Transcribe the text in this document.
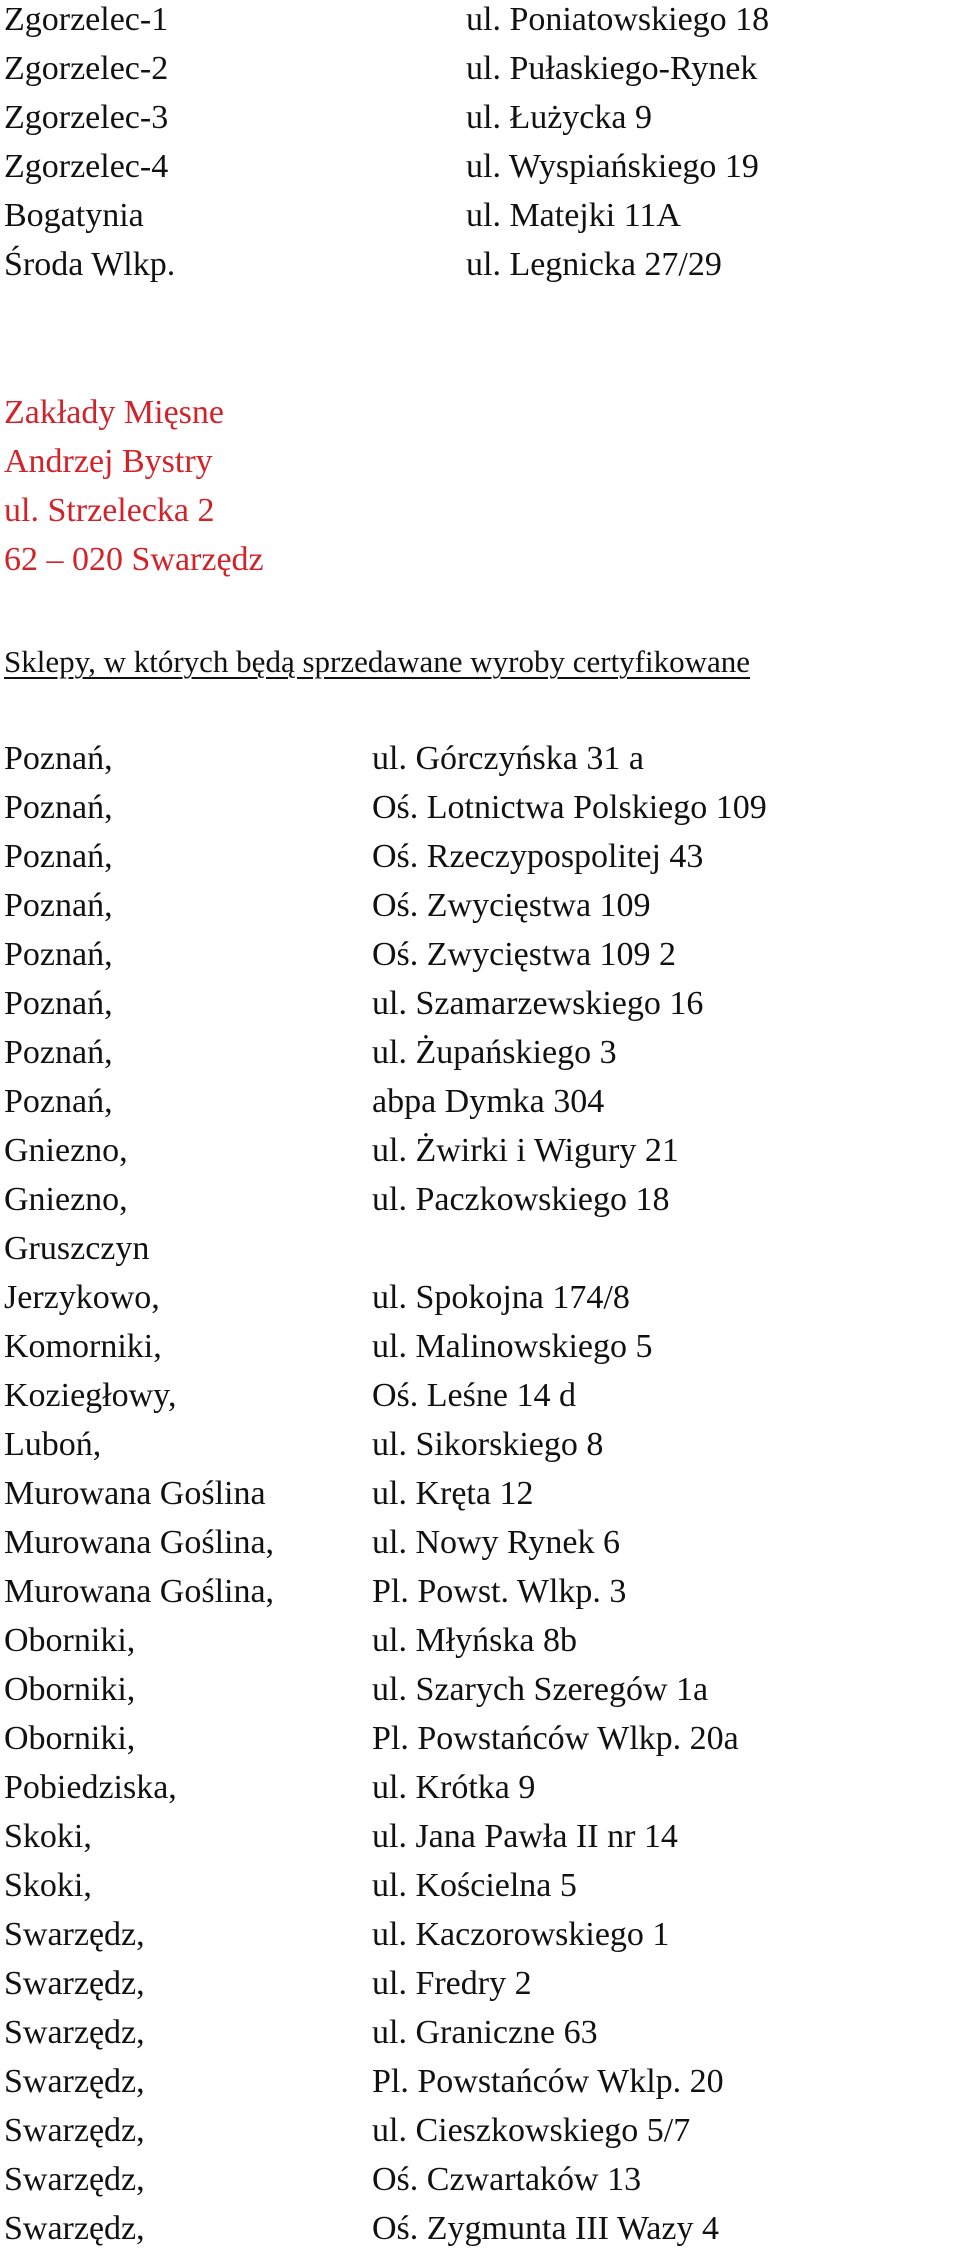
Zgorzelec-1	ul. Poniatowskiego 18
Zgorzelec-2	ul. Pułaskiego-Rynek
Zgorzelec-3	ul. Łużycka 9
Zgorzelec-4	ul. Wyspiańskiego 19
Bogatynia	ul. Matejki 11A
Środa Wlkp.	ul. Legnicka 27/29
Zakłady Mięsne
Andrzej Bystry
ul. Strzelecka 2
62 – 020 Swarzędz
Sklepy, w których będą sprzedawane wyroby certyfikowane
Poznań,	ul. Górczyńska 31 a
Poznań,	Oś. Lotnictwa Polskiego 109
Poznań,	Oś. Rzeczypospolitej 43
Poznań,	Oś. Zwycięstwa 109
Poznań,	Oś. Zwycięstwa 109 2
Poznań,	ul. Szamarzewskiego 16
Poznań,	ul. Żupańskiego 3
Poznań,	abpa Dymka 304
Gniezno,	ul. Żwirki i Wigury 21
Gniezno,	ul. Paczkowskiego 18
Gruszczyn
Jerzykowo,	ul. Spokojna 174/8
Komorniki,	ul. Malinowskiego 5
Koziegłowy,	Oś. Leśne 14 d
Luboń,	ul. Sikorskiego 8
Murowana Goślina	ul. Kręta 12
Murowana Goślina,	ul. Nowy Rynek 6
Murowana Goślina,	Pl. Powst. Wlkp. 3
Oborniki,	ul. Młyńska 8b
Oborniki,	ul. Szarych Szeregów 1a
Oborniki,	Pl. Powstańców Wlkp. 20a
Pobiedziska,	ul. Krótka 9
Skoki,	ul. Jana Pawła II nr 14
Skoki,	ul. Kościelna 5
Swarzędz,	ul. Kaczorowskiego 1
Swarzędz,	ul. Fredry 2
Swarzędz,	ul. Graniczne 63
Swarzędz,	Pl. Powstańców Wklp. 20
Swarzędz,	ul. Cieszkowskiego 5/7
Swarzędz,	Oś. Czwartaków 13
Swarzędz,	Oś. Zygmunta III Wazy 4
